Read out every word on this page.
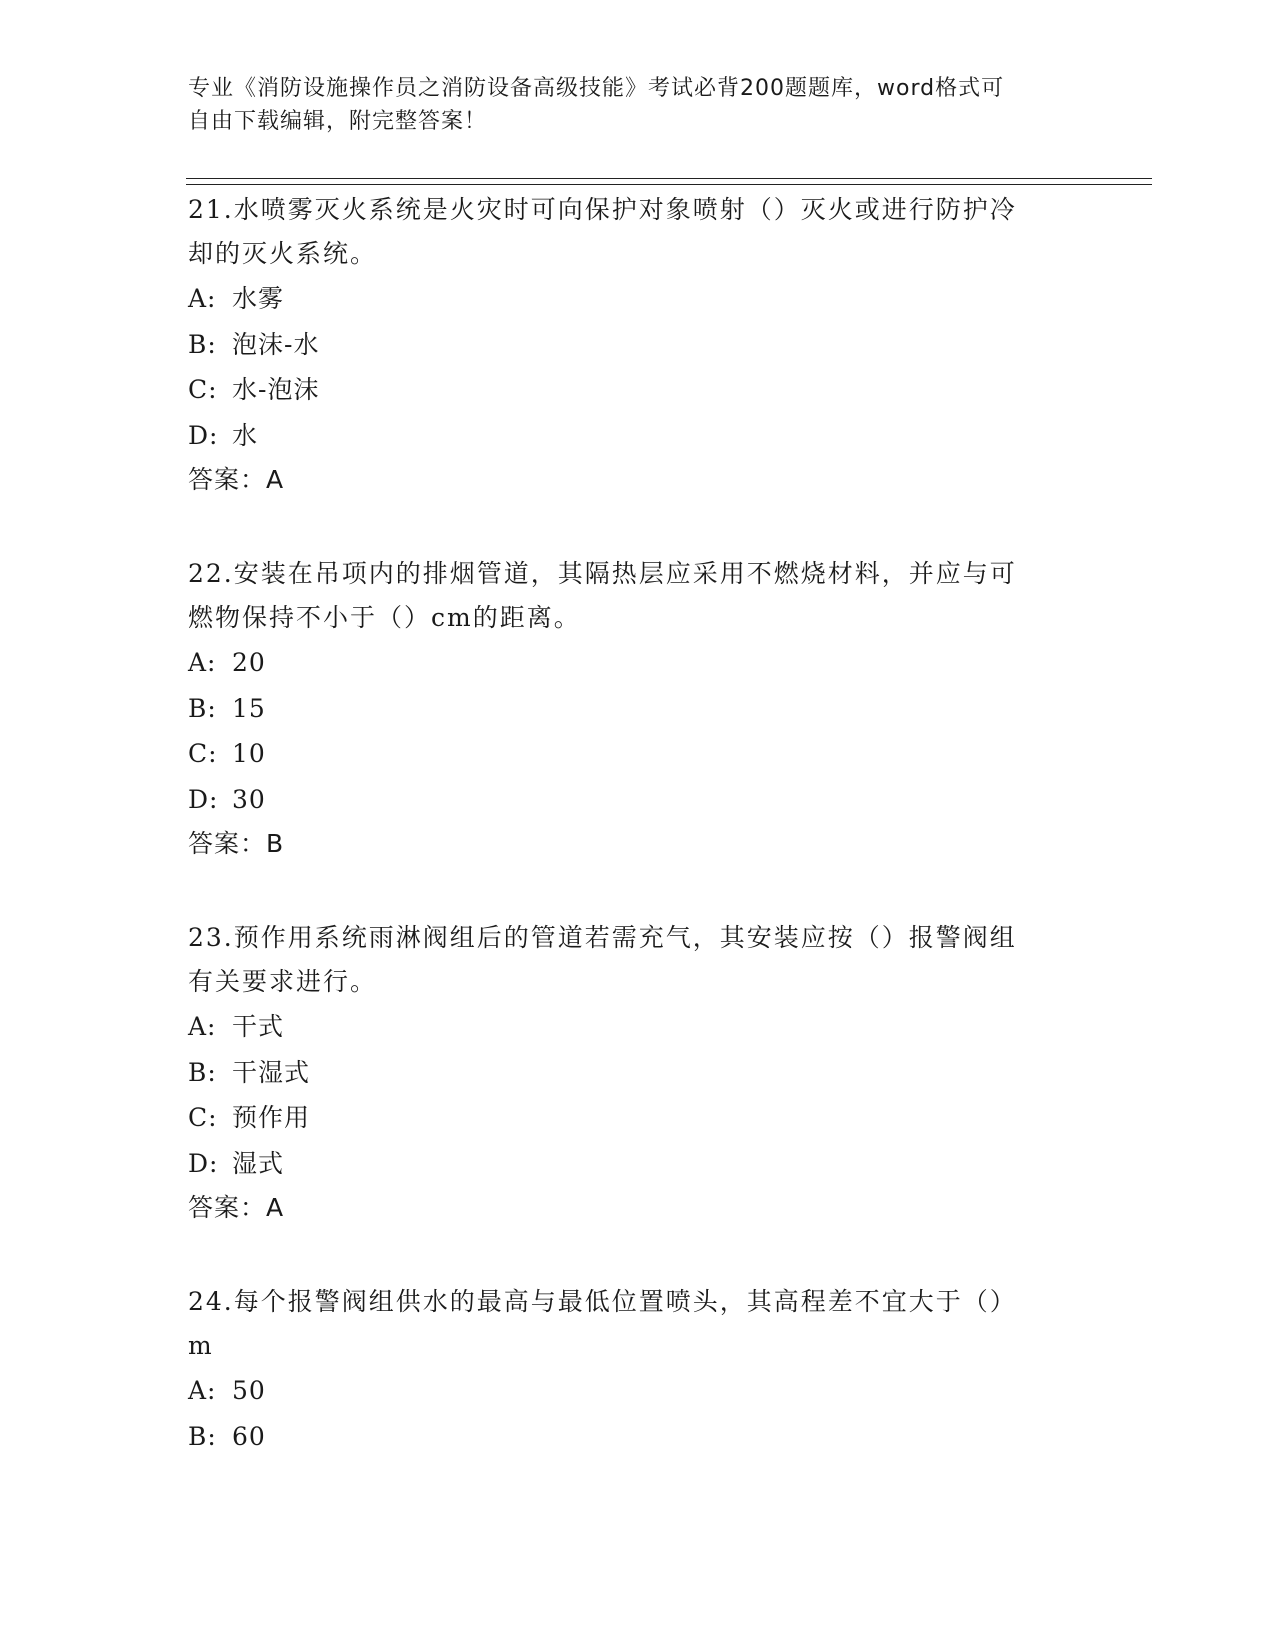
专业《消防设施操作员之消防设备高级技能》考试必背200题题库，word格式可
自由下载编辑，附完整答案！

21.水喷雾灭火系统是火灾时可向保护对象喷射（）灭火或进行防护冷
却的灭火系统。

A: 水雾

B: 泡沫-水

C: 水-泡沫

D: 水

答案：A

22.安装在吊项内的排烟管道，其隔热层应采用不燃烧材料，并应与可
燃物保持不小于（）cm的距离。

A: 20

B: 15

C: 10

D: 30

答案：B

23.预作用系统雨淋阀组后的管道若需充气，其安装应按（）报警阀组
有关要求进行。

A: 干式

B: 干湿式

C: 预作用

D: 湿式

答案：A

24.每个报警阀组供水的最高与最低位置喷头，其高程差不宜大于（）
m

A: 50

B: 60
